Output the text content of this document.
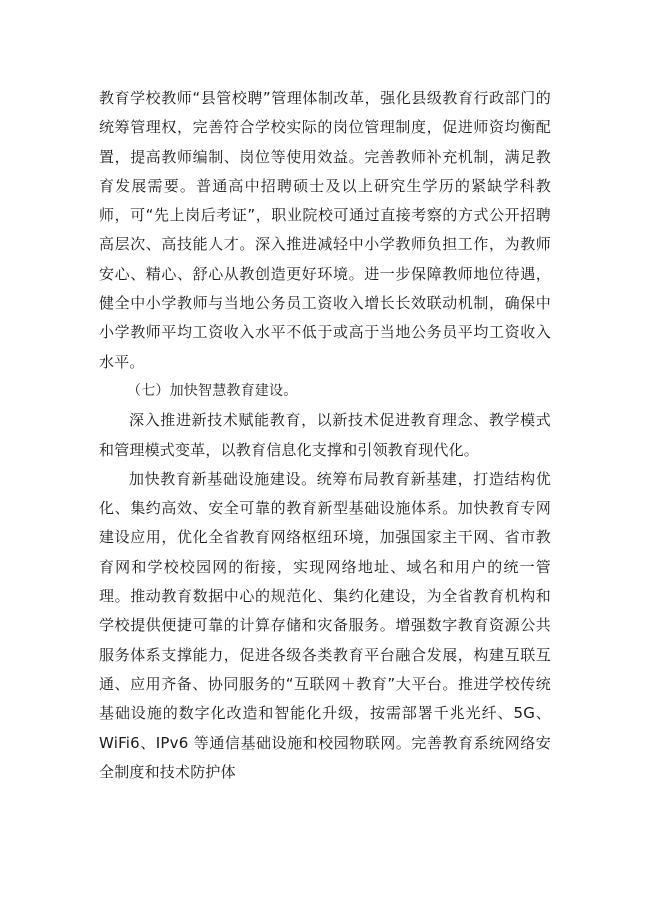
教育学校教师“县管校聘”管理体制改革，强化县级教育行政部门的统筹管理权，完善符合学校实际的岗位管理制度，促进师资均衡配置，提高教师编制、岗位等使用效益。完善教师补充机制，满足教育发展需要。普通高中招聘硕士及以上研究生学历的紧缺学科教师，可“先上岗后考证”，职业院校可通过直接考察的方式公开招聘高层次、高技能人才。深入推进减轻中小学教师负担工作，为教师安心、精心、舒心从教创造更好环境。进一步保障教师地位待遇，健全中小学教师与当地公务员工资收入增长长效联动机制，确保中小学教师平均工资收入水平不低于或高于当地公务员平均工资收入水平。

（七）加快智慧教育建设。

深入推进新技术赋能教育，以新技术促进教育理念、教学模式和管理模式变革，以教育信息化支撑和引领教育现代化。

加快教育新基础设施建设。统筹布局教育新基建，打造结构优化、集约高效、安全可靠的教育新型基础设施体系。加快教育专网建设应用，优化全省教育网络枢纽环境，加强国家主干网、省市教育网和学校校园网的衔接，实现网络地址、域名和用户的统一管理。推动教育数据中心的规范化、集约化建设，为全省教育机构和学校提供便捷可靠的计算存储和灾备服务。增强数字教育资源公共服务体系支撑能力，促进各级各类教育平台融合发展，构建互联互通、应用齐备、协同服务的“互联网＋教育”大平台。推进学校传统基础设施的数字化改造和智能化升级，按需部署千兆光纤、5G、WiFi6、IPv6 等通信基础设施和校园物联网。完善教育系统网络安全制度和技术防护体
